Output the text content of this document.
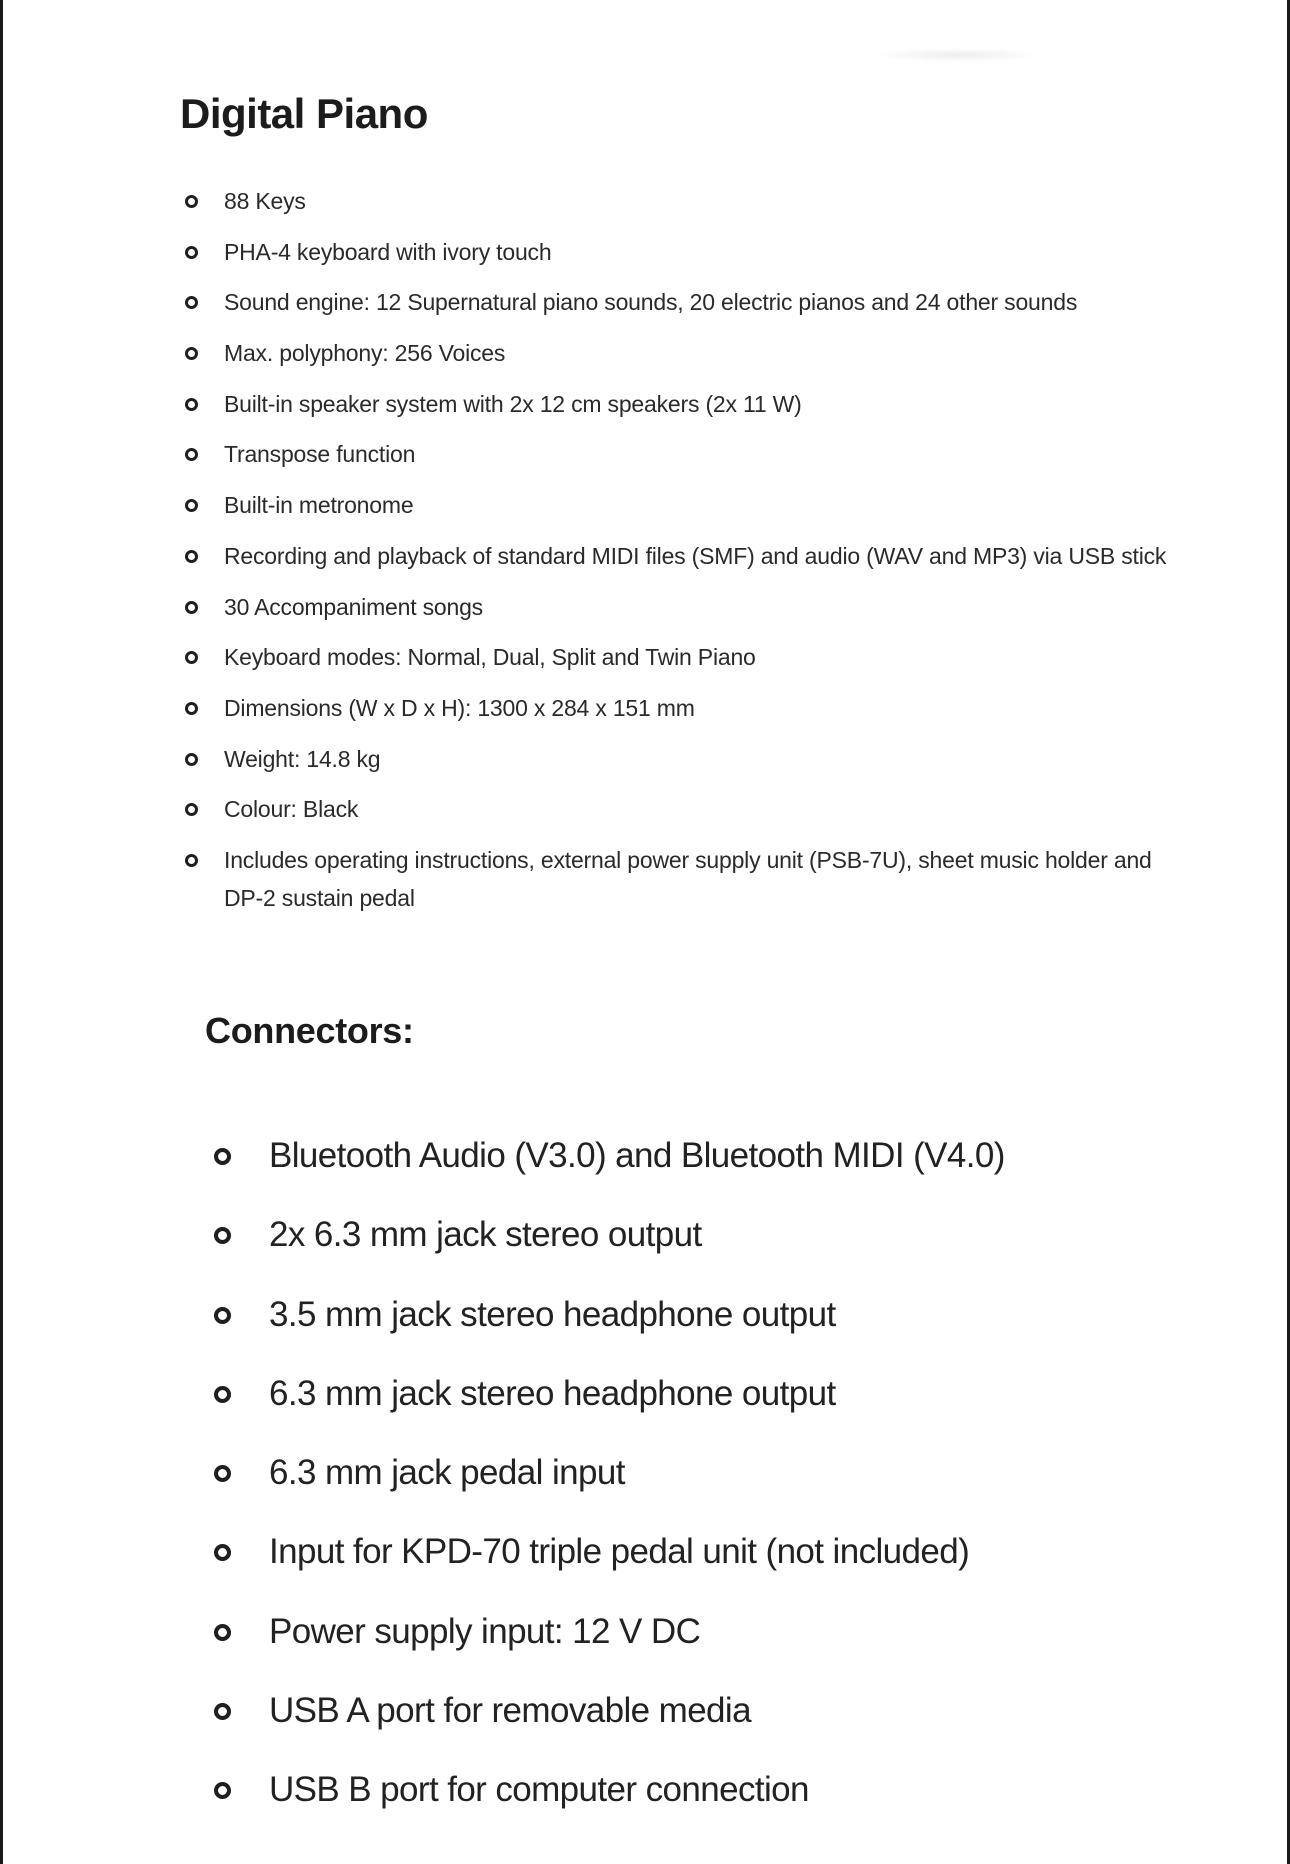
Digital Piano
88 Keys
PHA-4 keyboard with ivory touch
Sound engine: 12 Supernatural piano sounds, 20 electric pianos and 24 other sounds
Max. polyphony: 256 Voices
Built-in speaker system with 2x 12 cm speakers (2x 11 W)
Transpose function
Built-in metronome
Recording and playback of standard MIDI files (SMF) and audio (WAV and MP3) via USB stick
30 Accompaniment songs
Keyboard modes: Normal, Dual, Split and Twin Piano
Dimensions (W x D x H): 1300 x 284 x 151 mm
Weight: 14.8 kg
Colour: Black
Includes operating instructions, external power supply unit (PSB-7U), sheet music holder and DP-2 sustain pedal
Connectors:
Bluetooth Audio (V3.0) and Bluetooth MIDI (V4.0)
2x 6.3 mm jack stereo output
3.5 mm jack stereo headphone output
6.3 mm jack stereo headphone output
6.3 mm jack pedal input
Input for KPD-70 triple pedal unit (not included)
Power supply input: 12 V DC
USB A port for removable media
USB B port for computer connection
